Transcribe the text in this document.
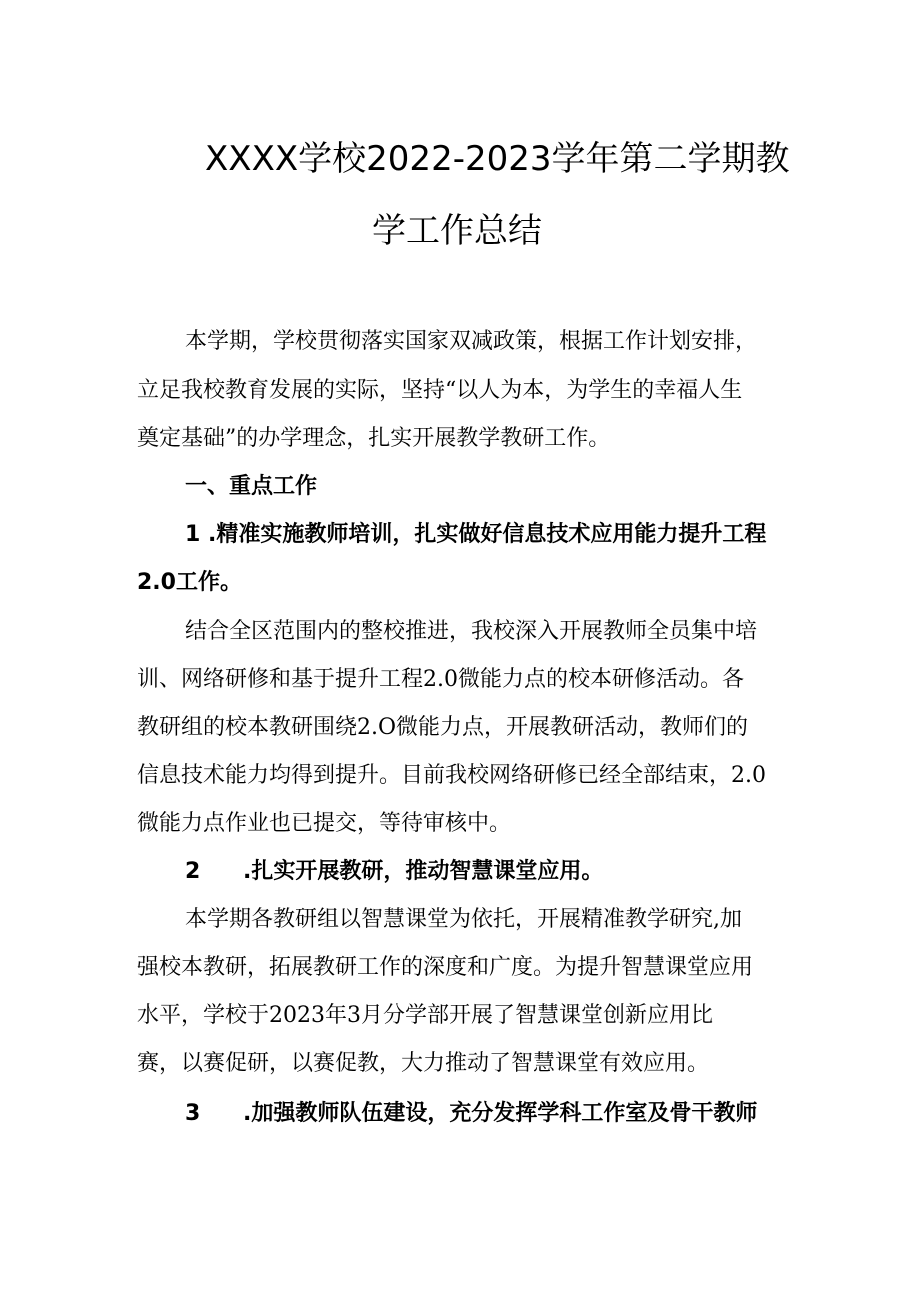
XXXX学校2022-2023学年第二学期教
学工作总结
本学期，学校贯彻落实国家双减政策，根据工作计划安排，
立足我校教育发展的实际，坚持“以人为本，为学生的幸福人生
奠定基础”的办学理念，扎实开展教学教研工作。
一、重点工作
1 .精准实施教师培训，扎实做好信息技术应用能力提升工程
2.0工作。
结合全区范围内的整校推进，我校深入开展教师全员集中培
训、网络研修和基于提升工程2.0微能力点的校本研修活动。各
教研组的校本教研围绕2.O微能力点，开展教研活动，教师们的
信息技术能力均得到提升。目前我校网络研修已经全部结束，2.0
微能力点作业也已提交，等待审核中。
2 .扎实开展教研，推动智慧课堂应用。
本学期各教研组以智慧课堂为依托，开展精准教学研究,加
强校本教研，拓展教研工作的深度和广度。为提升智慧课堂应用
水平，学校于2023年3月分学部开展了智慧课堂创新应用比
赛，以赛促研，以赛促教，大力推动了智慧课堂有效应用。
3 .加强教师队伍建设，充分发挥学科工作室及骨干教师
